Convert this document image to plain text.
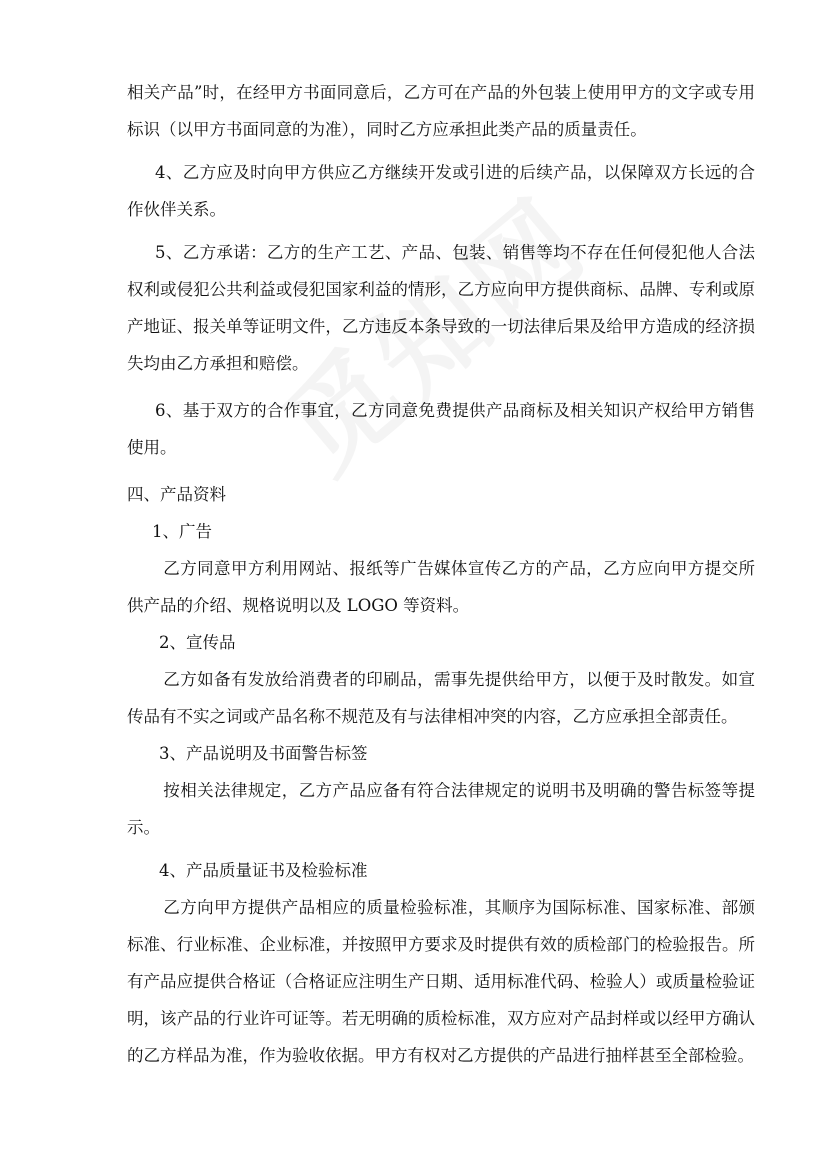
相关产品”时，在经甲方书面同意后，乙方可在产品的外包装上使用甲方的文字或专用标识（以甲方书面同意的为准），同时乙方应承担此类产品的质量责任。

4、乙方应及时向甲方供应乙方继续开发或引进的后续产品，以保障双方长远的合作伙伴关系。

5、乙方承诺：乙方的生产工艺、产品、包装、销售等均不存在任何侵犯他人合法权利或侵犯公共利益或侵犯国家利益的情形，乙方应向甲方提供商标、品牌、专利或原产地证、报关单等证明文件，乙方违反本条导致的一切法律后果及给甲方造成的经济损失均由乙方承担和赔偿。

6、基于双方的合作事宜，乙方同意免费提供产品商标及相关知识产权给甲方销售使用。

四、产品资料

1、广告

乙方同意甲方利用网站、报纸等广告媒体宣传乙方的产品，乙方应向甲方提交所供产品的介绍、规格说明以及 LOGO 等资料。

2、宣传品

乙方如备有发放给消费者的印刷品，需事先提供给甲方，以便于及时散发。如宣传品有不实之词或产品名称不规范及有与法律相冲突的内容，乙方应承担全部责任。

3、产品说明及书面警告标签

按相关法律规定，乙方产品应备有符合法律规定的说明书及明确的警告标签等提示。

4、产品质量证书及检验标准

乙方向甲方提供产品相应的质量检验标准，其顺序为国际标准、国家标准、部颁标准、行业标准、企业标准，并按照甲方要求及时提供有效的质检部门的检验报告。所有产品应提供合格证（合格证应注明生产日期、适用标准代码、检验人）或质量检验证明，该产品的行业许可证等。若无明确的质检标准，双方应对产品封样或以经甲方确认的乙方样品为准，作为验收依据。甲方有权对乙方提供的产品进行抽样甚至全部检验。
